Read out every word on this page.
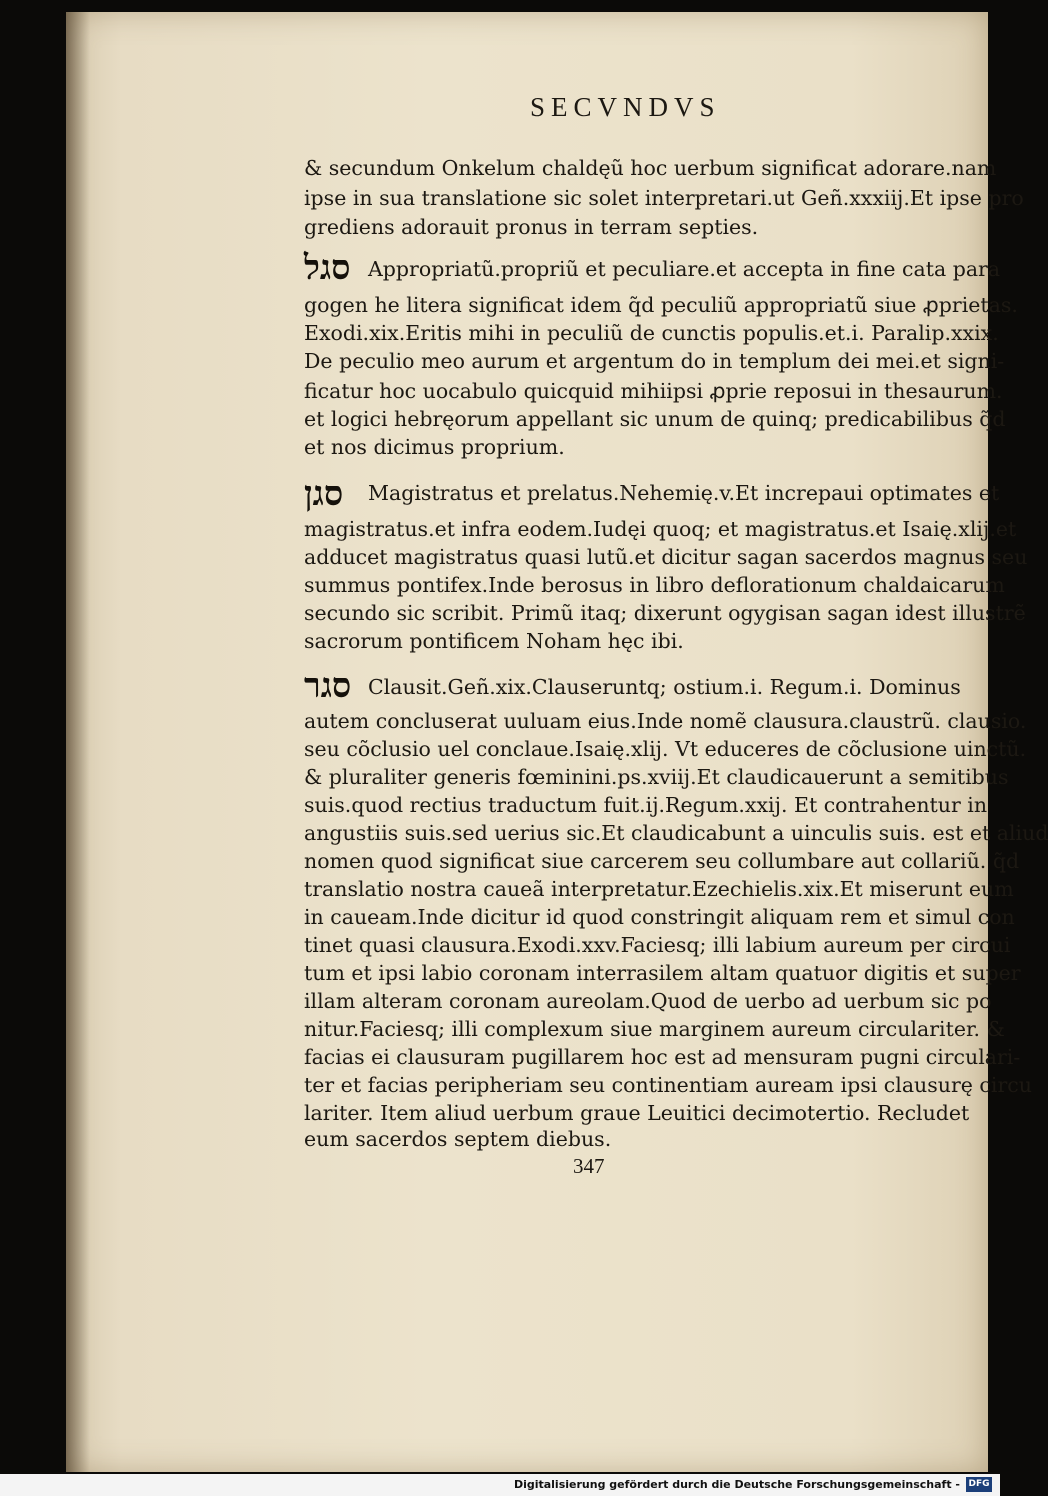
SECVNDVS
& secundum Onkelum chaldęũ hoc uerbum significat adorare.nam
ipse in sua translatione sic solet interpretari.ut Geñ.xxxiij.Et ipse pro
grediens adorauit pronus in terram septies.
סגל Appropriatũ.propriũ et peculiare.et accepta in fine cata para
gogen he litera significat idem q̃d peculiũ appropriatũ siue ꝓprietas.
Exodi.xix.Eritis mihi in peculiũ de cunctis populis.et.i. Paralip.xxix.
De peculio meo aurum et argentum do in templum dei mei.et signi-
ficatur hoc uocabulo quicquid mihiipsi ꝓprie reposui in thesaurum.
et logici hebręorum appellant sic unum de quinq; predicabilibus q̃d
et nos dicimus proprium.
סגן Magistratus et prelatus.Nehemię.v.Et increpaui optimates et
magistratus.et infra eodem.Iudęi quoq; et magistratus.et Isaię.xlij.et
adducet magistratus quasi lutũ.et dicitur sagan sacerdos magnus seu
summus pontifex.Inde berosus in libro deflorationum chaldaicarum
secundo sic scribit. Primũ itaq; dixerunt ogygisan sagan idest illustrẽ
sacrorum pontificem Noham hęc ibi.
סגר Clausit.Geñ.xix.Clauseruntq; ostium.i. Regum.i. Dominus
autem concluserat uuluam eius.Inde nomẽ clausura.claustrũ. clausio.
seu cõclusio uel conclaue.Isaię.xlij. Vt educeres de cõclusione uinctũ.
& pluraliter generis fœminini.ps.xviij.Et claudicauerunt a semitibus
suis.quod rectius traductum fuit.ij.Regum.xxij. Et contrahentur in
angustiis suis.sed uerius sic.Et claudicabunt a uinculis suis. est et aliud
nomen quod significat siue carcerem seu collumbare aut collariũ. q̃d
translatio nostra caueã interpretatur.Ezechielis.xix.Et miserunt eum
in caueam.Inde dicitur id quod constringit aliquam rem et simul con
tinet quasi clausura.Exodi.xxv.Faciesq; illi labium aureum per circui
tum et ipsi labio coronam interrasilem altam quatuor digitis et super
illam alteram coronam aureolam.Quod de uerbo ad uerbum sic po
nitur.Faciesq; illi complexum siue marginem aureum circulariter. &
facias ei clausuram pugillarem hoc est ad mensuram pugni circulari-
ter et facias peripheriam seu continentiam auream ipsi clausurę circu
lariter. Item aliud uerbum graue Leuitici decimotertio. Recludet
eum sacerdos septem diebus.
347
Digitalisierung gefördert durch die Deutsche Forschungsgemeinschaft - DFG
